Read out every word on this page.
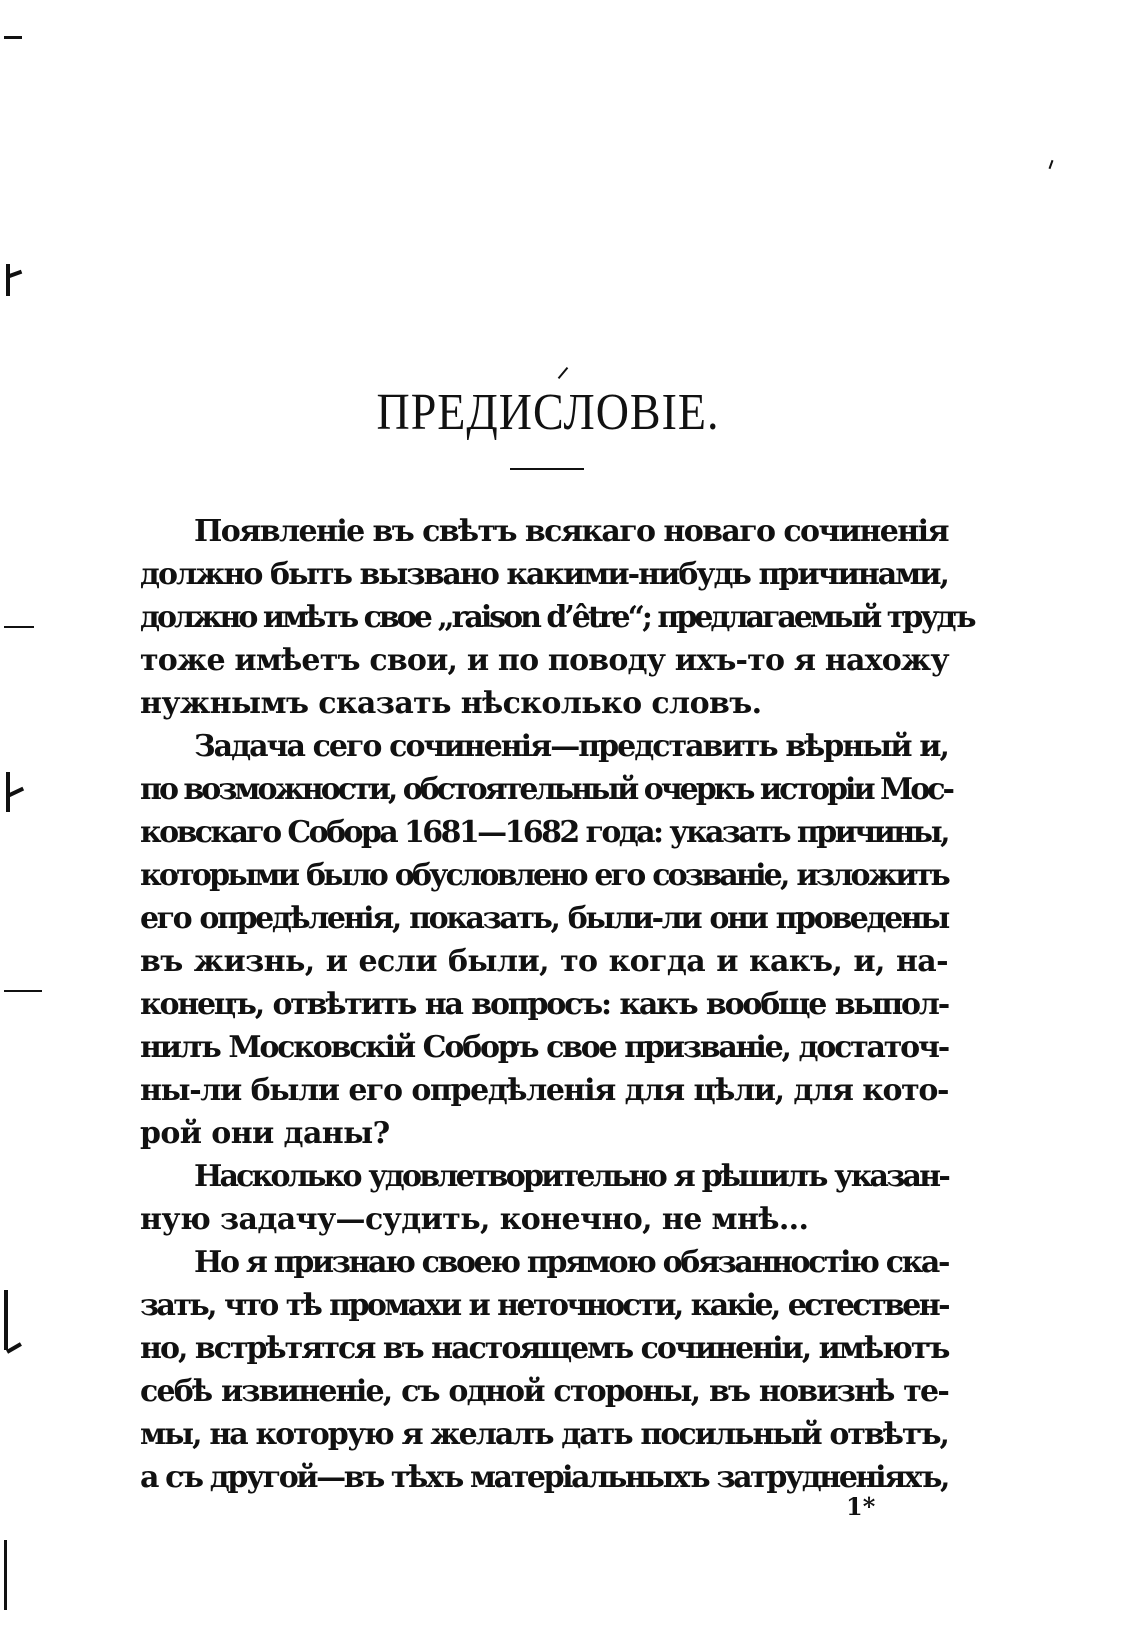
ПРЕДИСЛОВІЕ.
Появленіе въ свѣтъ всякаго новаго сочиненія
должно быть вызвано какими-нибудь причинами,
должно имѣть свое „raison d’être“; предлагаемый трудъ
тоже имѣетъ свои, и по поводу ихъ-то я нахожу
нужнымъ сказать нѣсколько словъ.
Задача сего сочиненія—представить вѣрный и,
по возможности, обстоятельный очеркъ исторіи Мос-
ковскаго Собора 1681—1682 года: указать причины,
которыми было обусловлено его созваніе, изложить
его опредѣленія, показать, были-ли они проведены
въ жизнь, и если были, то когда и какъ, и, на-
конецъ, отвѣтить на вопросъ: какъ вообще выпол-
нилъ Московскій Соборъ свое призваніе, достаточ-
ны-ли были его опредѣленія для цѣли, для кото-
рой они даны?
Насколько удовлетворительно я рѣшилъ указан-
ную задачу—судить, конечно, не мнѣ...
Но я признаю своею прямою обязанностію ска-
зать, что тѣ промахи и неточности, какіе, естествен-
но, встрѣтятся въ настоящемъ сочиненіи, имѣютъ
себѣ извиненіе, съ одной стороны, въ новизнѣ те-
мы, на которую я желалъ дать посильный отвѣтъ,
а съ другой—въ тѣхъ матеріальныхъ затрудненіяхъ,
1*
